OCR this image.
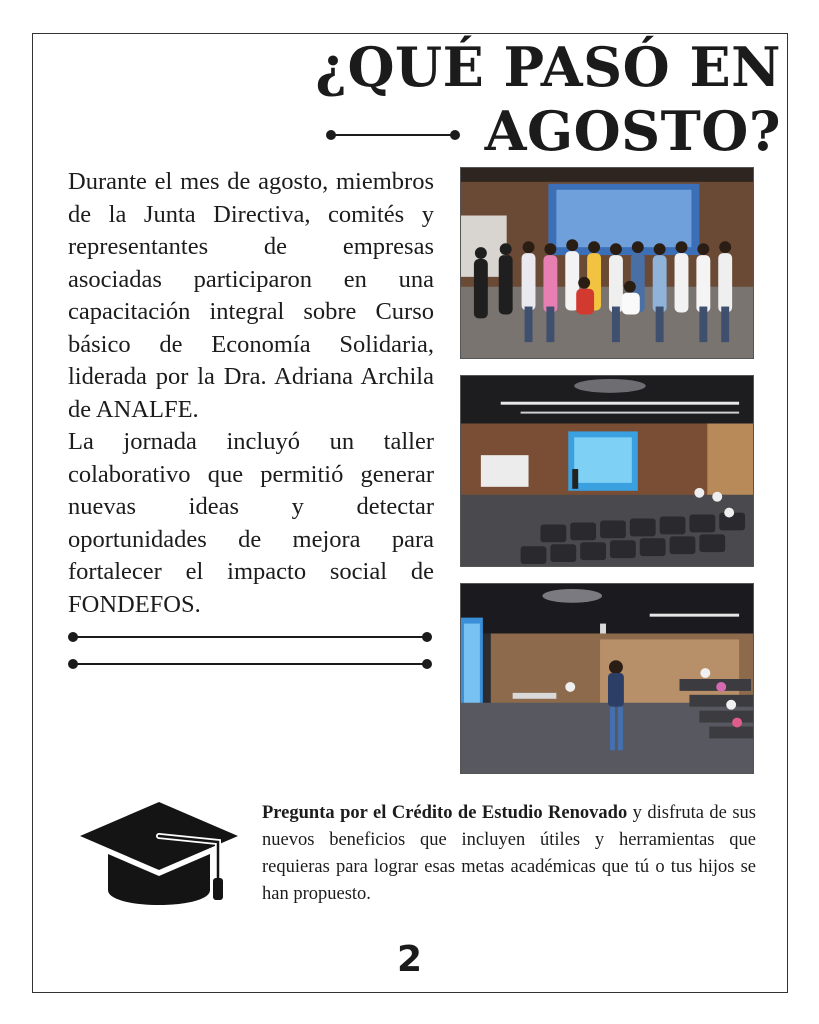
¿QUÉ PASÓ EN
AGOSTO?

Durante el mes de agosto, miembros de la Junta Directiva, comités y representantes de empresas asociadas participaron en una capacitación integral sobre Curso básico de Economía Solidaria, liderada por la Dra. Adriana Archila de ANALFE.

La jornada incluyó un taller colaborativo que permitió generar nuevas ideas y detectar oportunidades de mejora para fortalecer el impacto social de FONDEFOS.

Pregunta por el Crédito de Estudio Renovado y disfruta de sus nuevos beneficios que incluyen útiles y herramientas que requieras para lograr esas metas académicas que tú o tus hijos se han propuesto.
2
